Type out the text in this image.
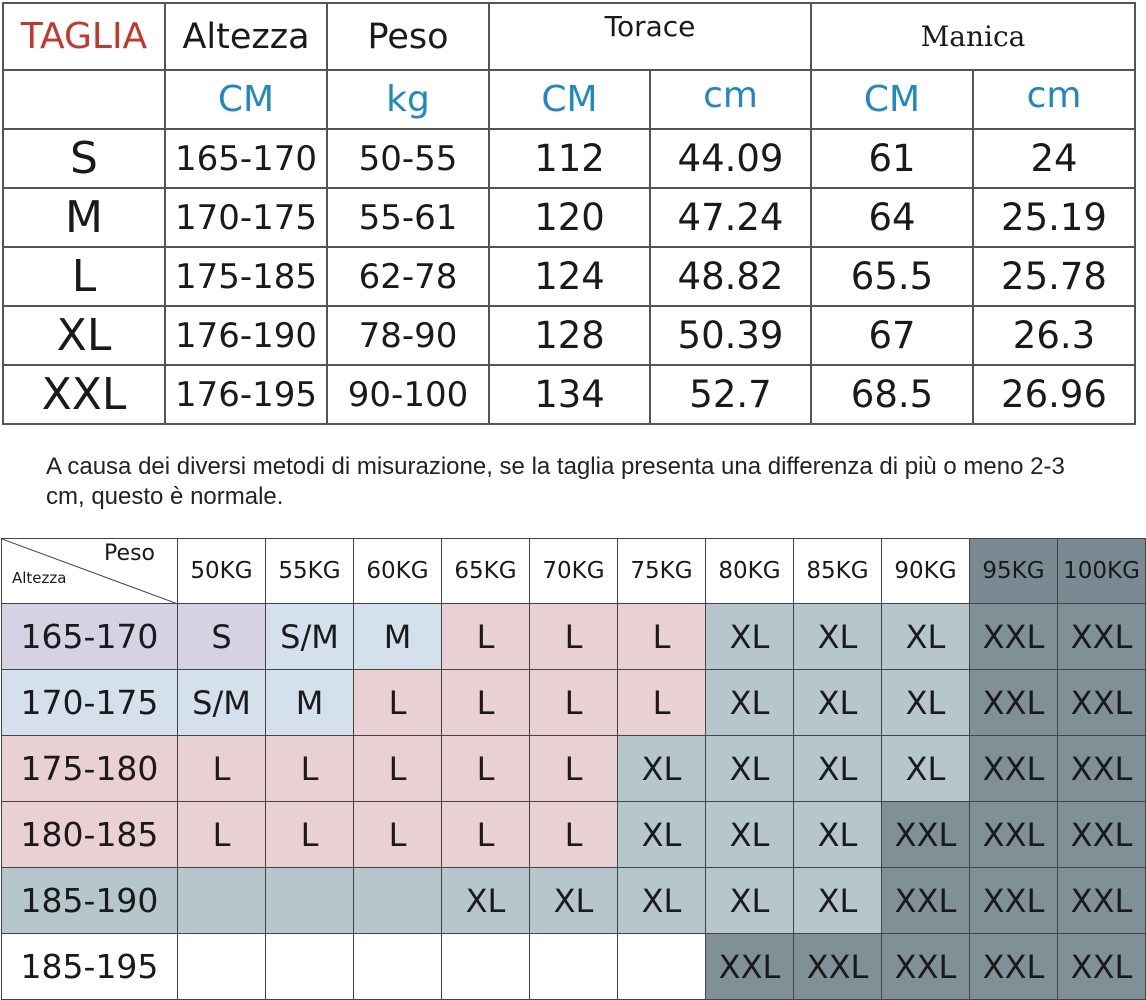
TAGLIA	Altezza	Peso	Torace		Manica	
	CM	kg	CM	cm	CM	cm
S	165-170	50-55	112	44.09	61	24
M	170-175	55-61	120	47.24	64	25.19
L	175-185	62-78	124	48.82	65.5	25.78
XL	176-190	78-90	128	50.39	67	26.3
XXL	176-195	90-100	134	52.7	68.5	26.96
A causa dei diversi metodi di misurazione, se la taglia presenta una differenza di più o meno 2-3 cm, questo è normale.
Peso
Altezza	50KG	55KG	60KG	65KG	70KG	75KG	80KG	85KG	90KG	95KG	100KG
165-170	S	S/M	M	L	L	L	XL	XL	XL	XXL	XXL
170-175	S/M	M	L	L	L	L	XL	XL	XL	XXL	XXL
175-180	L	L	L	L	L	XL	XL	XL	XL	XXL	XXL
180-185	L	L	L	L	L	XL	XL	XL	XXL	XXL	XXL
185-190				XL	XL	XL	XL	XL	XXL	XXL	XXL
185-195							XXL	XXL	XXL	XXL	XXL
